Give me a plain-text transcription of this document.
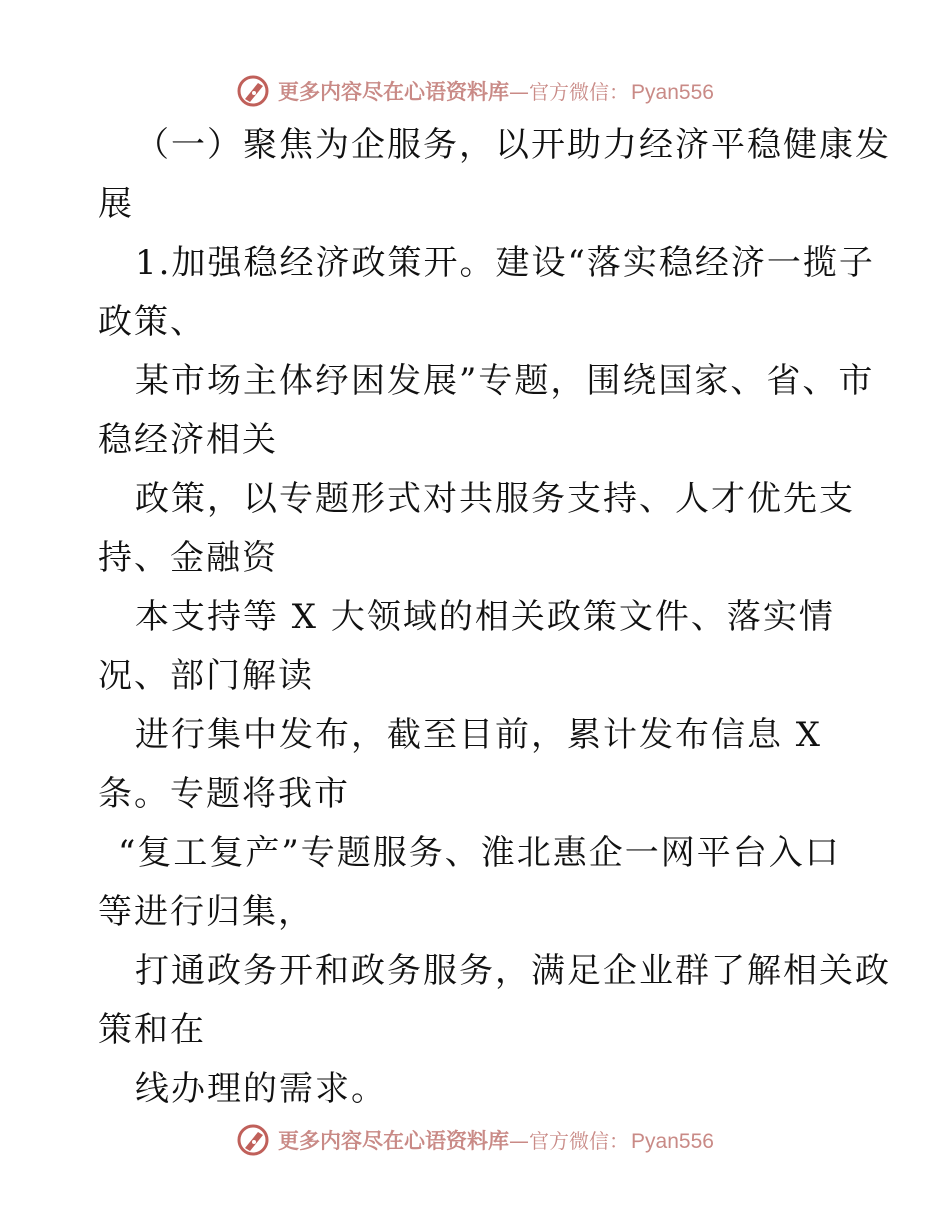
更多内容尽在心语资料库 — 官方微信： Pyan556
（一）聚焦为企服务，以开助力经济平稳健康发
展
1.加强稳经济政策开。建设“落实稳经济一揽子
政策、
某市场主体纾困发展”专题，围绕国家、省、市
稳经济相关
政策，以专题形式对共服务支持、人才优先支
持、金融资
本支持等 X 大领域的相关政策文件、落实情
况、部门解读
进行集中发布，截至目前，累计发布信息 X
条。专题将我市
“复工复产”专题服务、淮北惠企一网平台入口
等进行归集，
打通政务开和政务服务，满足企业群了解相关政
策和在
线办理的需求。
更多内容尽在心语资料库 — 官方微信： Pyan556
